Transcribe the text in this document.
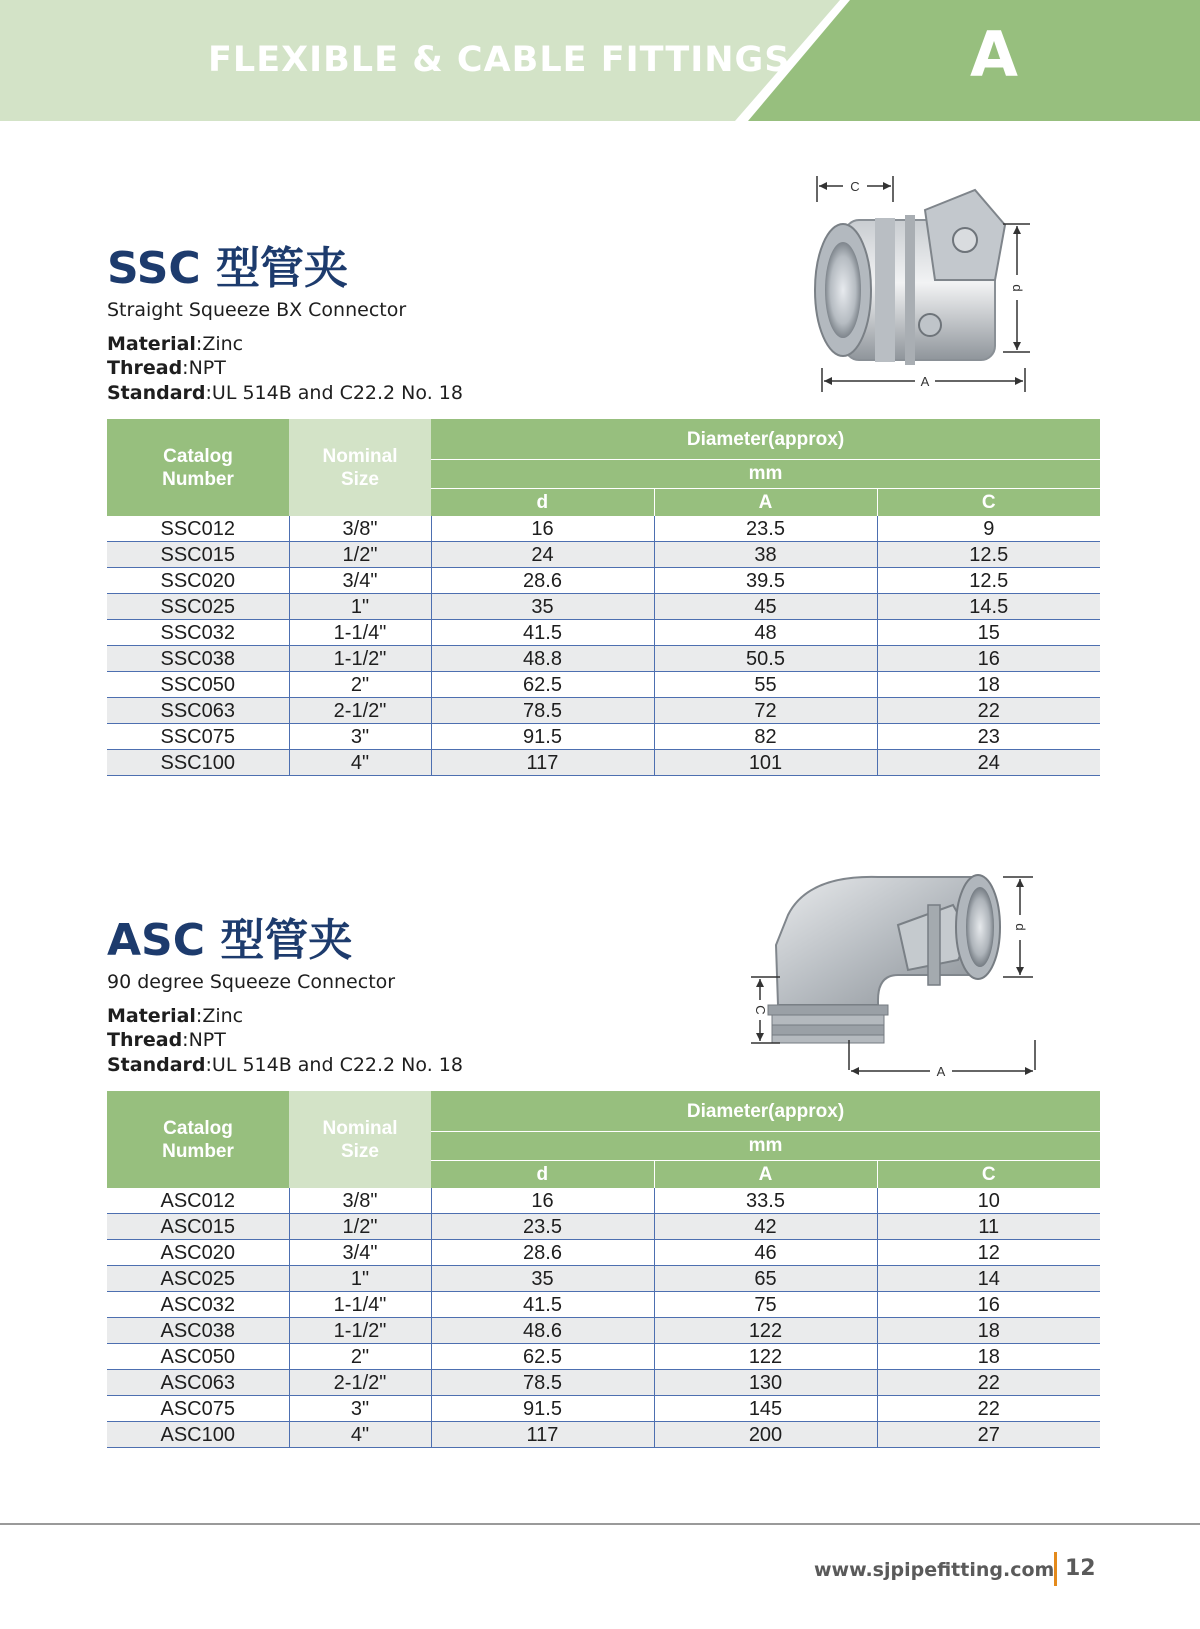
FLEXIBLE & CABLE FITTINGS	A
SSC 型管夹
Straight Squeeze BX Connector
Material:Zinc
Thread:NPT
Standard:UL 514B and C22.2 No. 18
C
d
A
Catalog Number	Nominal Size	Diameter(approx)		
		mm		
		d	A	C
SSC012	3/8"	16	23.5	9
SSC015	1/2"	24	38	12.5
SSC020	3/4"	28.6	39.5	12.5
SSC025	1"	35	45	14.5
SSC032	1-1/4"	41.5	48	15
SSC038	1-1/2"	48.8	50.5	16
SSC050	2"	62.5	55	18
SSC063	2-1/2"	78.5	72	22
SSC075	3"	91.5	82	23
SSC100	4"	117	101	24
ASC 型管夹
90 degree Squeeze Connector
Material:Zinc
Thread:NPT
Standard:UL 514B and C22.2 No. 18
d
C
A
Catalog Number	Nominal Size	Diameter(approx)		
		mm		
		d	A	C
ASC012	3/8"	16	33.5	10
ASC015	1/2"	23.5	42	11
ASC020	3/4"	28.6	46	12
ASC025	1"	35	65	14
ASC032	1-1/4"	41.5	75	16
ASC038	1-1/2"	48.6	122	18
ASC050	2"	62.5	122	18
ASC063	2-1/2"	78.5	130	22
ASC075	3"	91.5	145	22
ASC100	4"	117	200	27
www.sjpipefitting.com 12
